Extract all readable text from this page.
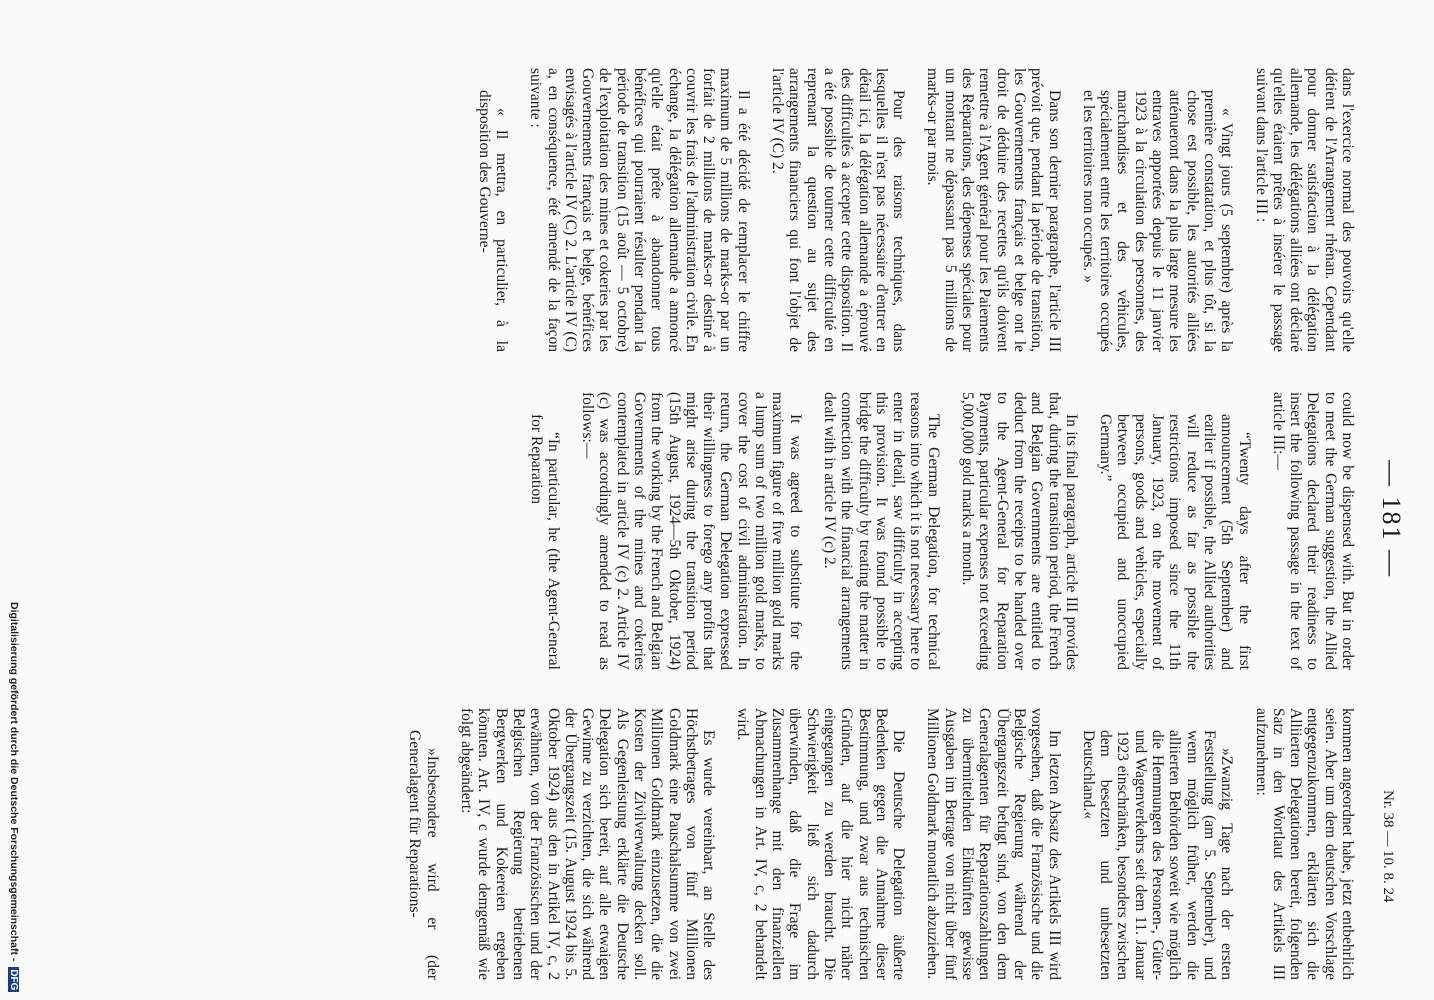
— 181 —
Nr. 38 — 10. 8. 24

kommen angeordnet habe, jetzt entbehrlich seien. Aber um dem deutschen Vorschlage entgegenzukommen, erklärten sich die Alliierten Delegationen bereit, folgenden Satz in den Wortlaut des Artikels III aufzunehmen:

»Zwanzig Tage nach der ersten Feststellung (am 5. September), und wenn möglich früher, werden die alliierten Behörden soweit wie möglich die Hemmungen des Personen-, Güter- und Wagenverkehrs seit dem 11. Januar 1923 einschränken, besonders zwischen dem besetzten und unbesetzten Deutschland.«

Im letzten Absatz des Artikels III wird vorgesehen, daß die Französische und die Belgische Regierung während der Übergangszeit befugt sind, von den dem Generalagenten für Reparationszahlungen zu übermittelnden Einkünften gewisse Ausgaben im Betrage von nicht über fünf Millionen Goldmark monatlich abzuziehen.

Die Deutsche Delegation äußerte Bedenken gegen die Annahme dieser Bestimmung, und zwar aus technischen Gründen, auf die hier nicht näher eingegangen zu werden braucht. Die Schwierigkeit ließ sich dadurch überwinden, daß die Frage im Zusammenhange mit den finanziellen Abmachungen in Art. IV, c, 2 behandelt wird.

Es wurde vereinbart, an Stelle des Höchstbetrages von fünf Millionen Goldmark eine Pauschalsumme von zwei Millionen Goldmark einzusetzen, die die Kosten der Zivilverwaltung decken soll. Als Gegenleistung erklärte die Deutsche Delegation sich bereit, auf alle etwaigen Gewinne zu verzichten, die sich während der Übergangszeit (15. August 1924 bis 5. Oktober 1924) aus den in Artikel IV, c, 2 erwähnten, von der Französischen und der Belgischen Regierung betriebenen Bergwerken und Kokereien ergeben könnten. Art. IV, c wurde demgemäß wie folgt abgeändert:

»Insbesondere wird er (der Generalagent für Reparations-

could now be dispensed with. But in order to meet the German suggestion, the Allied Delegations declared their readiness to insert the following passage in the text of article III:—

“Twenty days after the first announcement (5th September) and earlier if possible, the Allied authorities will reduce as far as possible the restrictions imposed since the 11th January, 1923, on the movement of persons, goods and vehicles, especially between occupied and unoccupied Germany.”

In its final paragraph, article III provides that, during the transition period, the French and Belgian Governments are entitled to deduct from the receipts to be handed over to the Agent-General for Reparation Payments, particular expenses not exceeding 5,000,000 gold marks a month.

The German Delegation, for technical reasons into which it is not necessary here to enter in detail, saw difficulty in accepting this provision. It was found possible to bridge the difficulty by treating the matter in connection with the financial arrangements dealt with in article IV (c) 2.

It was agreed to substitute for the maximum figure of five million gold marks a lump sum of two million gold marks, to cover the cost of civil administration. In return, the German Delegation expressed their willingness to forego any profits that might arise during the transition period (15th August, 1924—5th Oktober, 1924) from the working by the French and Belgian Governments of the mines and cokeries contemplated in article IV (c) 2. Article IV (c) was accordingly amended to read as follows:—

“In particular, he (the Agent-General for Reparation

dans l'exercice normal des pouvoirs qu'elle détient de l'Arrangement rhénan. Cependant pour donner satisfaction à la délégation allemande, les délégations alliées ont déclaré qu'elles étaient prêtes à insérer le passage suivant dans l'article III :

« Vingt jours (5 septembre) après la première constatation, et plus tôt, si la chose est possible, les autorités alliées atténueront dans la plus large mesure les entraves apportées depuis le 11 janvier 1923 à la circulation des personnes, des marchandises et des véhicules, spécialement entre les territoires occupés et les territoires non occupés. »

Dans son dernier paragraphe, l'article III prévoit que, pendant la période de transition, les Gouvernements français et belge ont le droit de déduire des recettes qu'ils doivent remettre à l'Agent général pour les Paiements des Réparations, des dépenses spéciales pour un montant ne dépassant pas 5 millions de marks-or par mois.

Pour des raisons techniques, dans lesquelles il n'est pas nécessaire d'entrer en détail ici, la délégation allemande a éprouvé des difficultés à accepter cette disposition. Il a été possible de tourner cette difficulté en reprenant la question au sujet des arrangements financiers qui font l'objet de l'article IV (C) 2.

Il a été décidé de remplacer le chiffre maximum de 5 millions de marks-or par un forfait de 2 millions de marks-or destiné à couvrir les frais de l'administration civile. En échange, la délégation allemande a annoncé qu'elle était prête à abandonner tous bénéfices qui pourraient résulter pendant la période de transition (15 août — 5 octobre) de l'exploitation des mines et cokeries par les Gouvernements français et belge, bénéfices envisagés à l'article IV (C) 2. L'article IV (C) a, en conséquence, été amendé de la façon suivante :

« Il mettra, en particulier, à la disposition des Gouverne-

Digitalisierung gefördert durch die Deutsche Forschungsgemeinschaft - DFG
